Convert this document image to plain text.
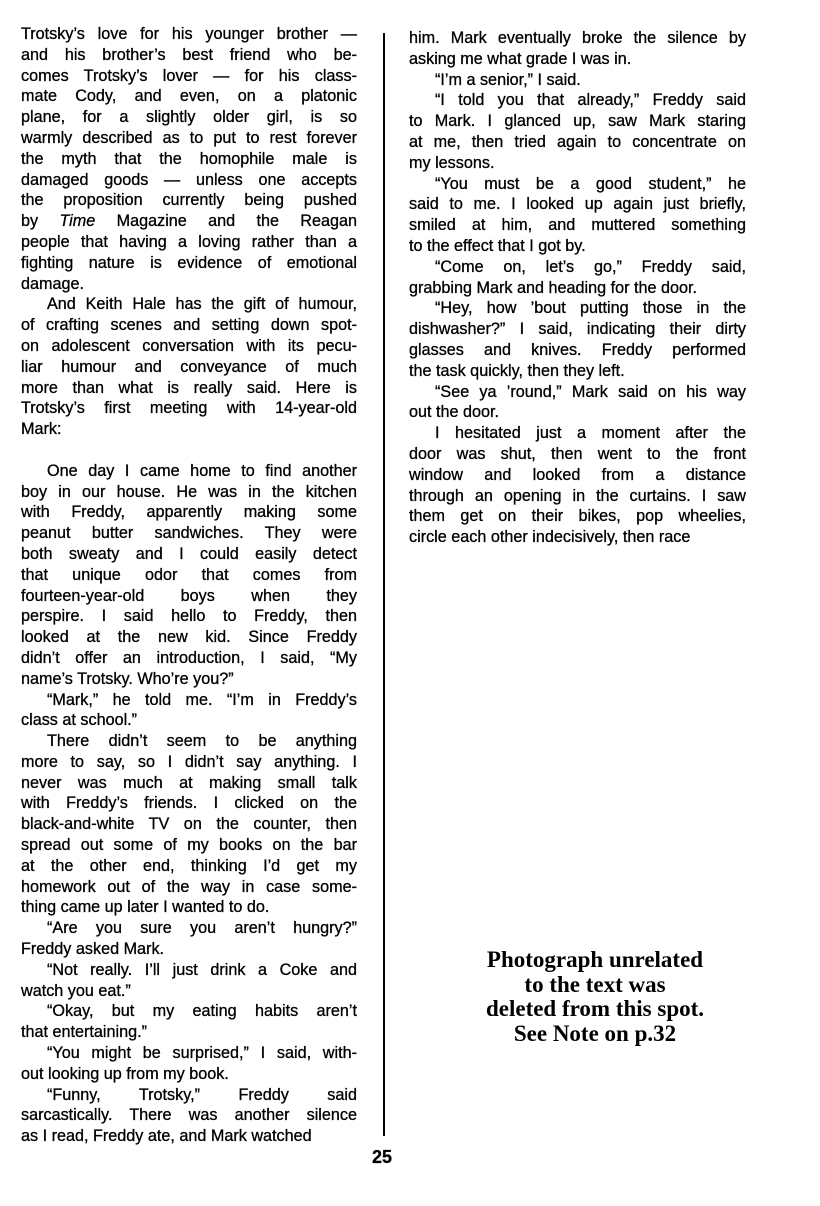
Trotsky’s love for his younger brother —
and his brother’s best friend who be-
comes Trotsky’s lover — for his class-
mate Cody, and even, on a platonic
plane, for a slightly older girl, is so
warmly described as to put to rest forever
the myth that the homophile male is
damaged goods — unless one accepts
the proposition currently being pushed
by Time Magazine and the Reagan
people that having a loving rather than a
fighting nature is evidence of emotional
damage.
And Keith Hale has the gift of humour,
of crafting scenes and setting down spot-
on adolescent conversation with its pecu-
liar humour and conveyance of much
more than what is really said. Here is
Trotsky’s first meeting with 14-year-old
Mark:
One day I came home to find another
boy in our house. He was in the kitchen
with Freddy, apparently making some
peanut butter sandwiches. They were
both sweaty and I could easily detect
that unique odor that comes from
fourteen-year-old boys when they
perspire. I said hello to Freddy, then
looked at the new kid. Since Freddy
didn’t offer an introduction, I said, “My
name’s Trotsky. Who’re you?”
“Mark,” he told me. “I’m in Freddy’s
class at school.”
There didn’t seem to be anything
more to say, so I didn’t say anything. I
never was much at making small talk
with Freddy’s friends. I clicked on the
black-and-white TV on the counter, then
spread out some of my books on the bar
at the other end, thinking I’d get my
homework out of the way in case some-
thing came up later I wanted to do.
“Are you sure you aren’t hungry?”
Freddy asked Mark.
“Not really. I’ll just drink a Coke and
watch you eat.”
“Okay, but my eating habits aren’t
that entertaining.”
“You might be surprised,” I said, with-
out looking up from my book.
“Funny, Trotsky,” Freddy said
sarcastically. There was another silence
as I read, Freddy ate, and Mark watched
him. Mark eventually broke the silence by
asking me what grade I was in.
“I’m a senior,” I said.
“I told you that already,” Freddy said
to Mark. I glanced up, saw Mark staring
at me, then tried again to concentrate on
my lessons.
“You must be a good student,” he
said to me. I looked up again just briefly,
smiled at him, and muttered something
to the effect that I got by.
“Come on, let’s go,” Freddy said,
grabbing Mark and heading for the door.
“Hey, how ’bout putting those in the
dishwasher?” I said, indicating their dirty
glasses and knives. Freddy performed
the task quickly, then they left.
“See ya ’round,” Mark said on his way
out the door.
I hesitated just a moment after the
door was shut, then went to the front
window and looked from a distance
through an opening in the curtains. I saw
them get on their bikes, pop wheelies,
circle each other indecisively, then race
Photograph unrelated
to the text was
deleted from this spot.
See Note on p.32
25
